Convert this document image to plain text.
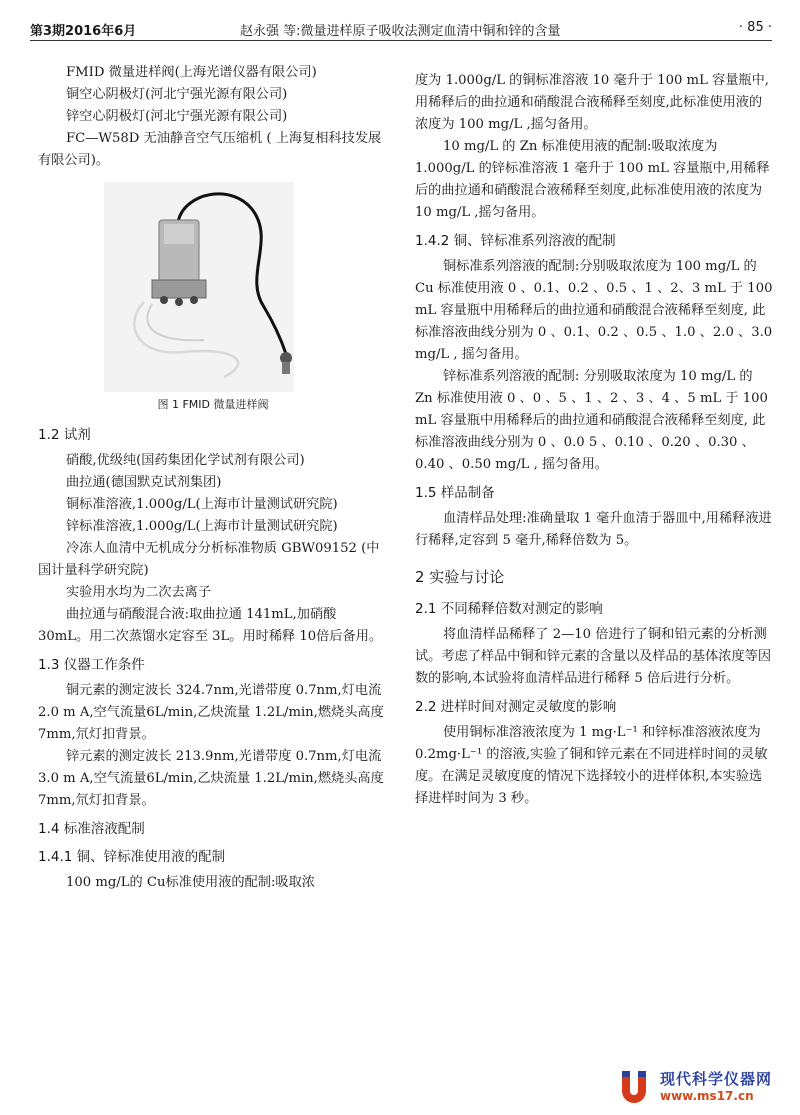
第3期2016年6月	赵永强 等:微量进样原子吸收法测定血清中铜和锌的含量	· 85 ·

FMID 微量进样阀(上海光谱仪器有限公司)

铜空心阴极灯(河北宁强光源有限公司)

锌空心阴极灯(河北宁强光源有限公司)

FC—W58D 无油静音空气压缩机 ( 上海复相科技发展有限公司)。

图 1 FMID 微量进样阀

1.2 试剂

硝酸,优级纯(国药集团化学试剂有限公司)

曲拉通(德国默克试剂集团)

铜标准溶液,1.000g/L(上海市计量测试研究院)

锌标准溶液,1.000g/L(上海市计量测试研究院)

冷冻人血清中无机成分分析标准物质 GBW09152 (中国计量科学研究院)

实验用水均为二次去离子

曲拉通与硝酸混合液:取曲拉通 141mL,加硝酸 30mL。用二次蒸馏水定容至 3L。用时稀释 10倍后备用。

1.3 仪器工作条件

铜元素的测定波长 324.7nm,光谱带度 0.7nm,灯电流 2.0 m A,空气流量6L/min,乙炔流量 1.2L/min,燃烧头高度 7mm,氘灯扣背景。

锌元素的测定波长 213.9nm,光谱带度 0.7nm,灯电流 3.0 m A,空气流量6L/min,乙炔流量 1.2L/min,燃烧头高度 7mm,氘灯扣背景。

1.4 标准溶液配制

1.4.1 铜、锌标准使用液的配制

100 mg/L的 Cu标准使用液的配制:吸取浓

度为 1.000g/L 的铜标准溶液 10 毫升于 100 mL 容量瓶中,用稀释后的曲拉通和硝酸混合液稀释至刻度,此标准使用液的浓度为 100 mg/L ,摇匀备用。

10 mg/L 的 Zn 标准使用液的配制:吸取浓度为 1.000g/L 的锌标准溶液 1 毫升于 100 mL 容量瓶中,用稀释后的曲拉通和硝酸混合液稀释至刻度,此标准使用液的浓度为 10 mg/L ,摇匀备用。

1.4.2 铜、锌标准系列溶液的配制

铜标准系列溶液的配制:分别吸取浓度为 100 mg/L 的 Cu 标准使用液 0 、0.1、0.2 、0.5 、1 、2、3 mL 于 100 mL 容量瓶中用稀释后的曲拉通和硝酸混合液稀释至刻度, 此标准溶液曲线分别为 0 、0.1、0.2 、0.5 、1.0 、2.0 、3.0 mg/L , 摇匀备用。

锌标准系列溶液的配制: 分别吸取浓度为 10 mg/L 的 Zn 标准使用液 0 、0 、5 、1 、2 、3 、4 、5 mL 于 100 mL 容量瓶中用稀释后的曲拉通和硝酸混合液稀释至刻度, 此标准溶液曲线分别为 0 、0.0 5 、0.10 、0.20 、0.30 、0.40 、0.50 mg/L , 摇匀备用。

1.5 样品制备

血清样品处理:准确量取 1 毫升血清于器皿中,用稀释液进行稀释,定容到 5 毫升,稀释倍数为 5。

2 实验与讨论

2.1 不同稀释倍数对测定的影响

将血清样品稀释了 2—10 倍进行了铜和铅元素的分析测试。考虑了样品中铜和锌元素的含量以及样品的基体浓度等因数的影响,本试验将血清样品进行稀释 5 倍后进行分析。

2.2 进样时间对测定灵敏度的影响

使用铜标准溶液浓度为 1 mg·L⁻¹ 和锌标准溶液浓度为 0.2mg·L⁻¹ 的溶液,实验了铜和锌元素在不同进样时间的灵敏度。在满足灵敏度度的情况下选择较小的进样体积,本实验选择进样时间为 3 秒。

现代科学仪器网
www.ms17.cn
